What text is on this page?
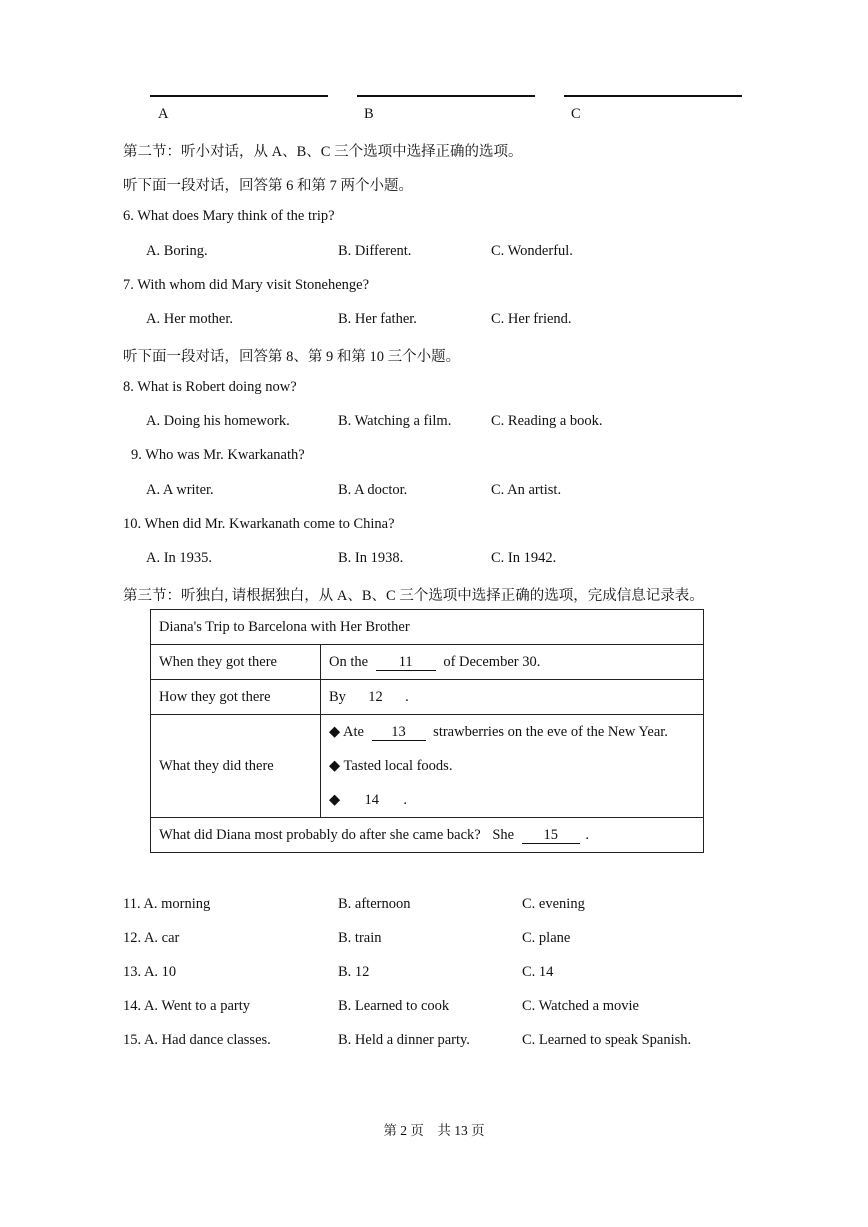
A	B	C
第二节：听小对话，从 A、B、C 三个选项中选择正确的选项。
听下面一段对话，回答第 6 和第 7 两个小题。
6. What does Mary think of the trip?
A. Boring.	B. Different.	C. Wonderful.
7. With whom did Mary visit Stonehenge?
A. Her mother.	B. Her father.	C. Her friend.
听下面一段对话，回答第 8、第 9 和第 10 三个小题。
8. What is Robert doing now?
A. Doing his homework.	B. Watching a film.	C. Reading a book.
9. Who was Mr. Kwarkanath?
A. A writer.	B. A doctor.	C. An artist.
10. When did Mr. Kwarkanath come to China?
A. In 1935.	B. In 1938.	C. In 1942.
第三节：听独白, 请根据独白，从 A、B、C 三个选项中选择正确的选项，完成信息记录表。
Diana's Trip to Barcelona with Her Brother	
When they got there	On the 11 of December 30.
How they got there	By 12 .
What they did there	◆ Ate 13 strawberries on the eve of the New Year.
◆ Tasted local foods.
◆ 14 .

What did Diana most probably do after she came back? She 15 .	
11. A. morning	B. afternoon	C. evening
12. A. car	B. train	C. plane
13. A. 10	B. 12	C. 14
14. A. Went to a party	B. Learned to cook	C. Watched a movie
15. A. Had dance classes.	B. Held a dinner party.	C. Learned to speak Spanish.
第 2 页　共 13 页
